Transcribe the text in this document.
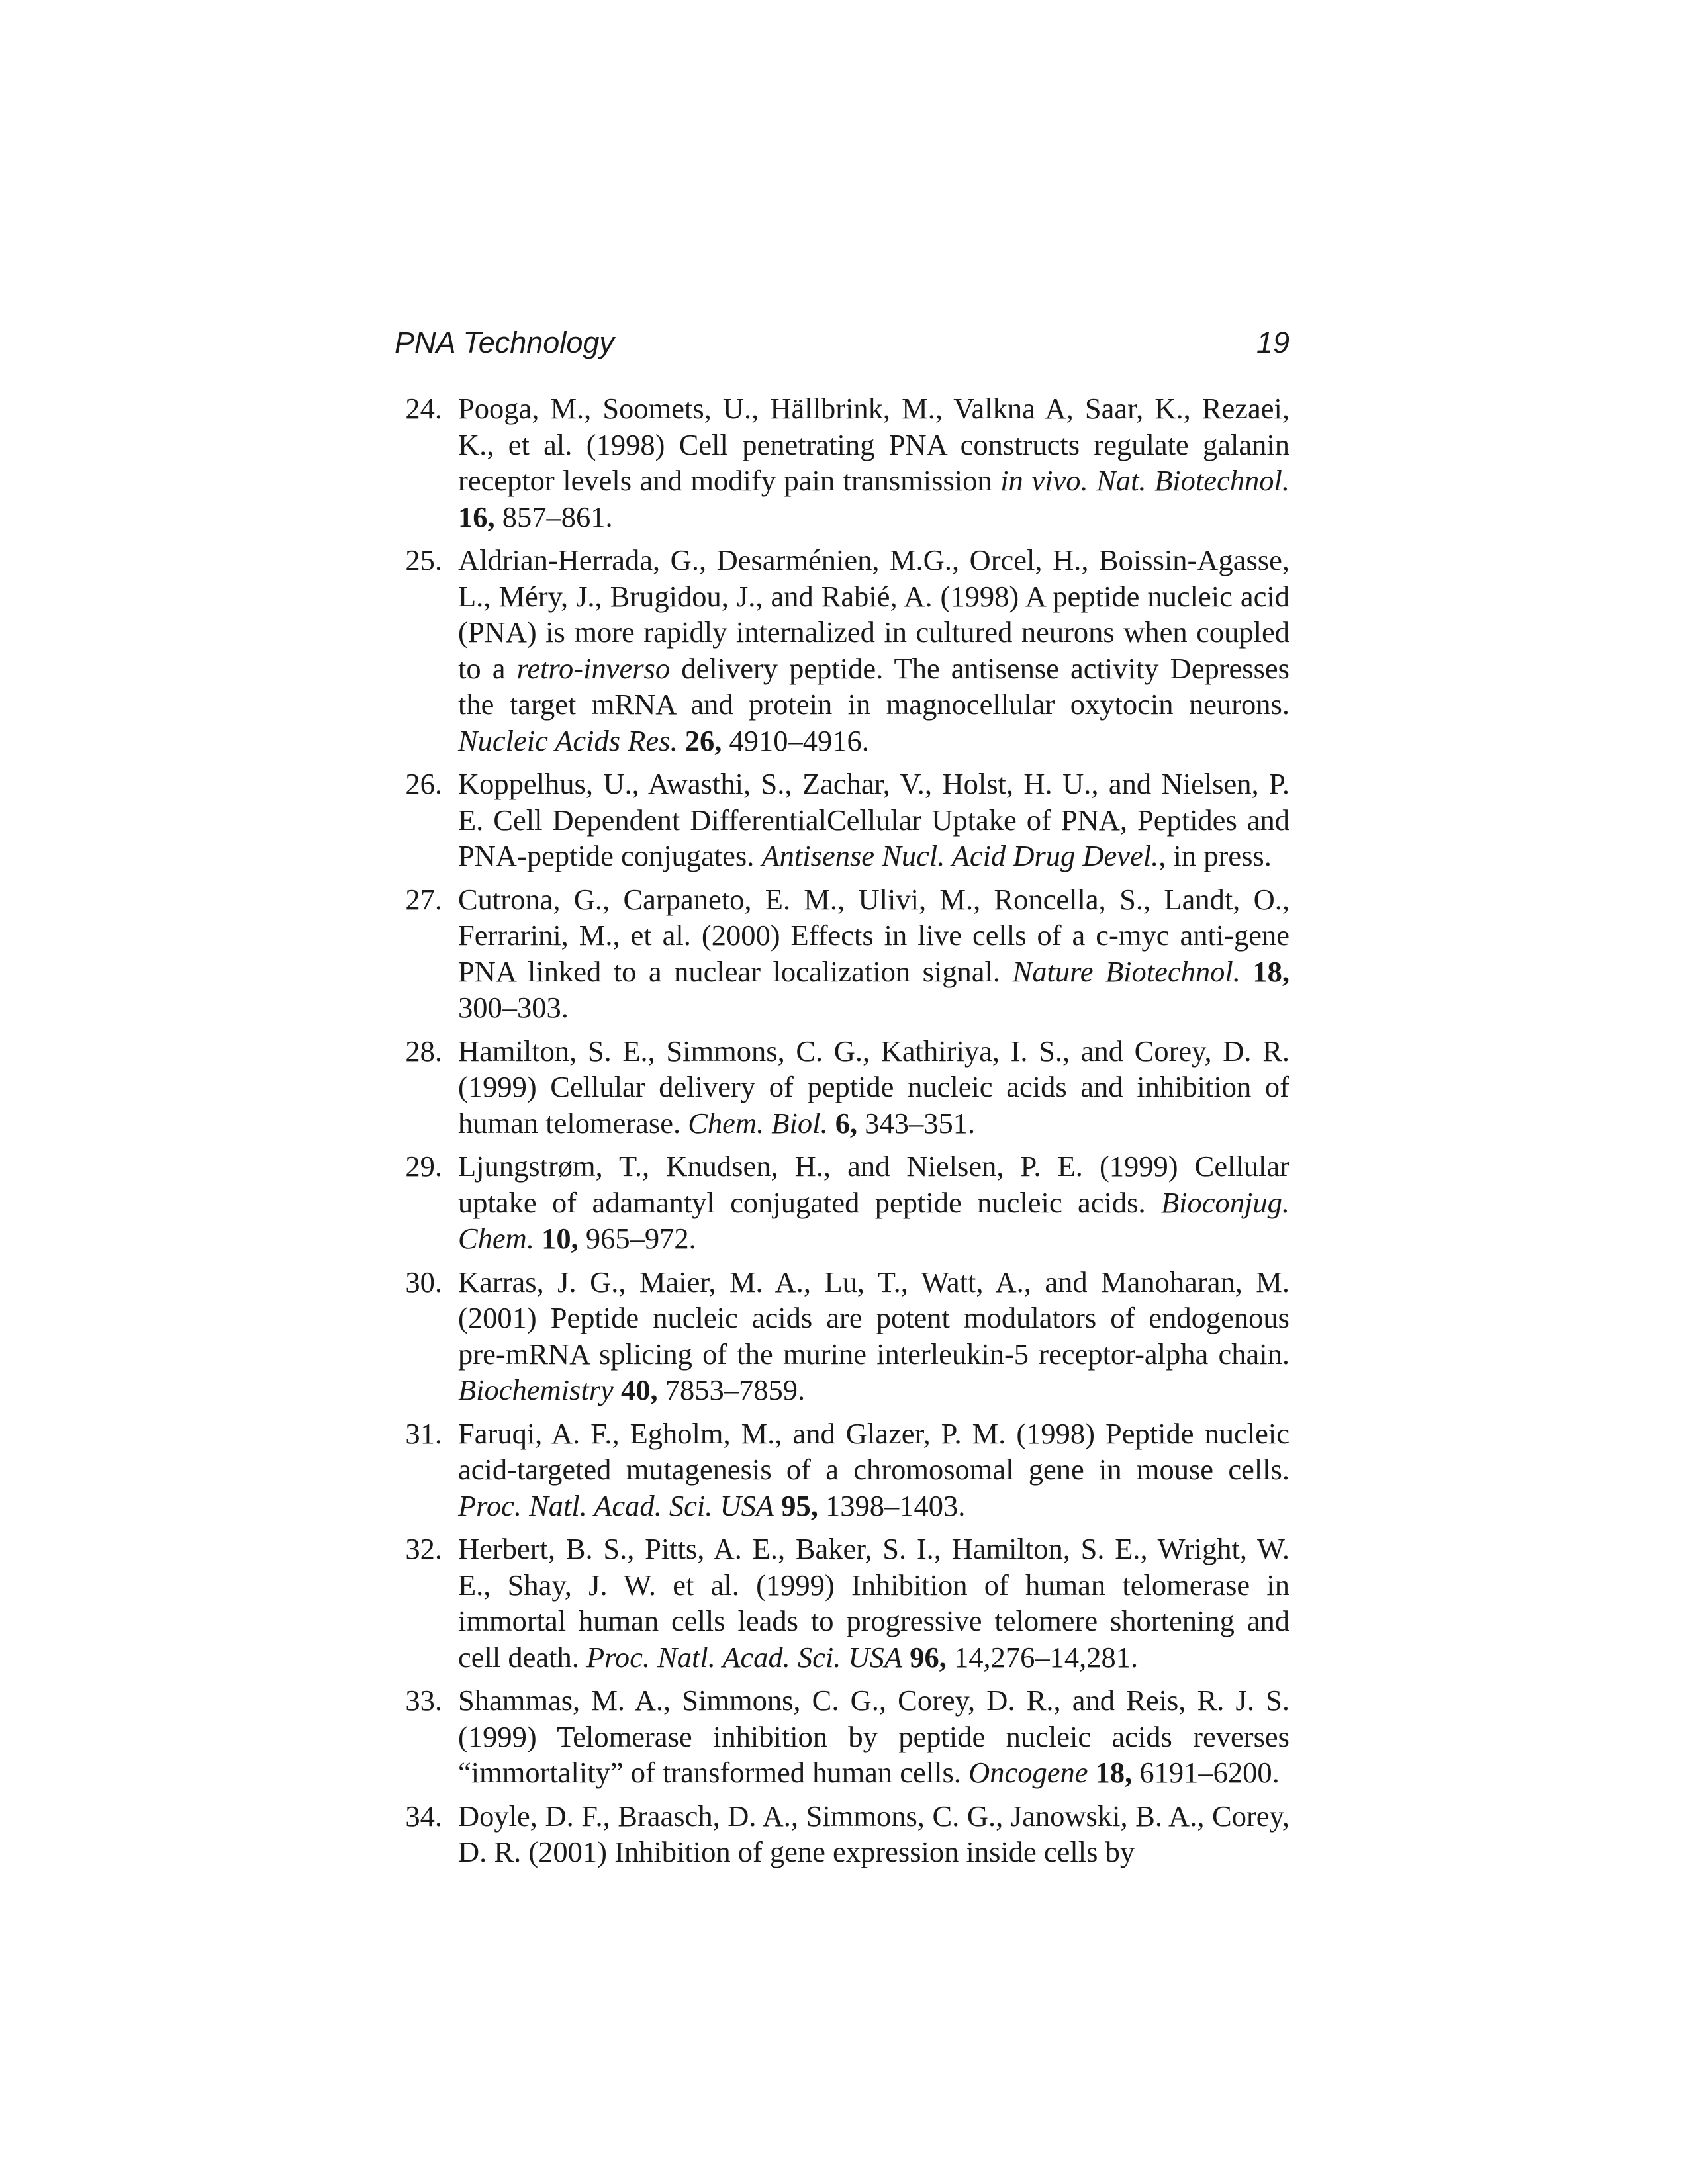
PNA Technology	19
24. Pooga, M., Soomets, U., Hällbrink, M., Valkna A, Saar, K., Rezaei, K., et al. (1998) Cell penetrating PNA constructs regulate galanin receptor levels and modify pain transmission in vivo. Nat. Biotechnol. 16, 857–861.
25. Aldrian-Herrada, G., Desarménien, M.G., Orcel, H., Boissin-Agasse, L., Méry, J., Brugidou, J., and Rabié, A. (1998) A peptide nucleic acid (PNA) is more rapidly internalized in cultured neurons when coupled to a retro-inverso delivery peptide. The antisense activity Depresses the target mRNA and protein in magnocellular oxytocin neurons. Nucleic Acids Res. 26, 4910–4916.
26. Koppelhus, U., Awasthi, S., Zachar, V., Holst, H. U., and Nielsen, P. E. Cell Dependent DifferentialCellular Uptake of PNA, Peptides and PNA-peptide conjugates. Antisense Nucl. Acid Drug Devel., in press.
27. Cutrona, G., Carpaneto, E. M., Ulivi, M., Roncella, S., Landt, O., Ferrarini, M., et al. (2000) Effects in live cells of a c-myc anti-gene PNA linked to a nuclear localization signal. Nature Biotechnol. 18, 300–303.
28. Hamilton, S. E., Simmons, C. G., Kathiriya, I. S., and Corey, D. R. (1999) Cellular delivery of peptide nucleic acids and inhibition of human telomerase. Chem. Biol. 6, 343–351.
29. Ljungstrøm, T., Knudsen, H., and Nielsen, P. E. (1999) Cellular uptake of adamantyl conjugated peptide nucleic acids. Bioconjug. Chem. 10, 965–972.
30. Karras, J. G., Maier, M. A., Lu, T., Watt, A., and Manoharan, M. (2001) Peptide nucleic acids are potent modulators of endogenous pre-mRNA splicing of the murine interleukin-5 receptor-alpha chain. Biochemistry 40, 7853–7859.
31. Faruqi, A. F., Egholm, M., and Glazer, P. M. (1998) Peptide nucleic acid-targeted mutagenesis of a chromosomal gene in mouse cells. Proc. Natl. Acad. Sci. USA 95, 1398–1403.
32. Herbert, B. S., Pitts, A. E., Baker, S. I., Hamilton, S. E., Wright, W. E., Shay, J. W. et al. (1999) Inhibition of human telomerase in immortal human cells leads to progressive telomere shortening and cell death. Proc. Natl. Acad. Sci. USA 96, 14,276–14,281.
33. Shammas, M. A., Simmons, C. G., Corey, D. R., and Reis, R. J. S. (1999) Telomerase inhibition by peptide nucleic acids reverses “immortality” of transformed human cells. Oncogene 18, 6191–6200.
34. Doyle, D. F., Braasch, D. A., Simmons, C. G., Janowski, B. A., Corey, D. R. (2001) Inhibition of gene expression inside cells by
